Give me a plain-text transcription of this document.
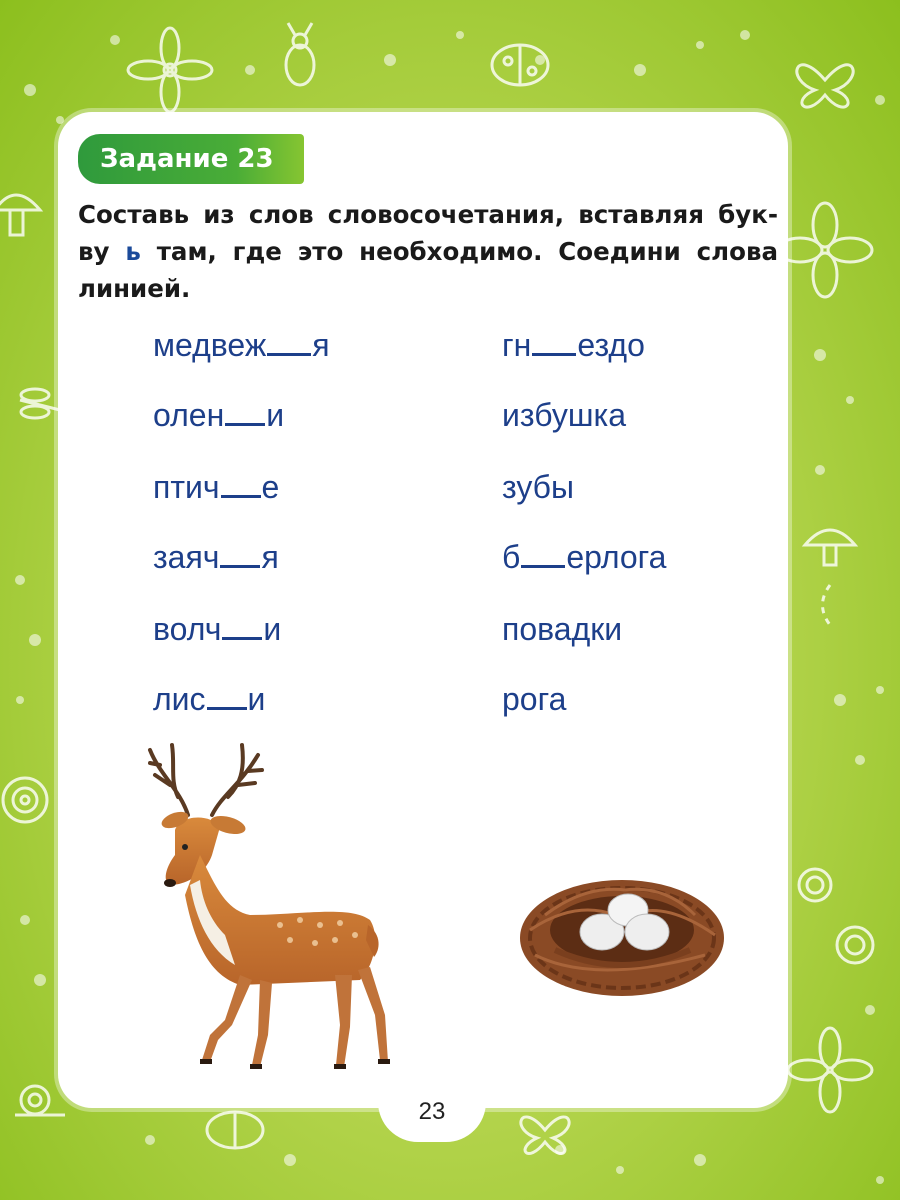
Задание 23
Составь из слов словосочетания, вставляя бук-
ву ь там, где это необходимо. Соедини слова
линией.
медвеж я
олен и
птич е
заяч я
волч и
лис и
гн ездо
избушка
зубы
б ерлога
повадки
рога
23
